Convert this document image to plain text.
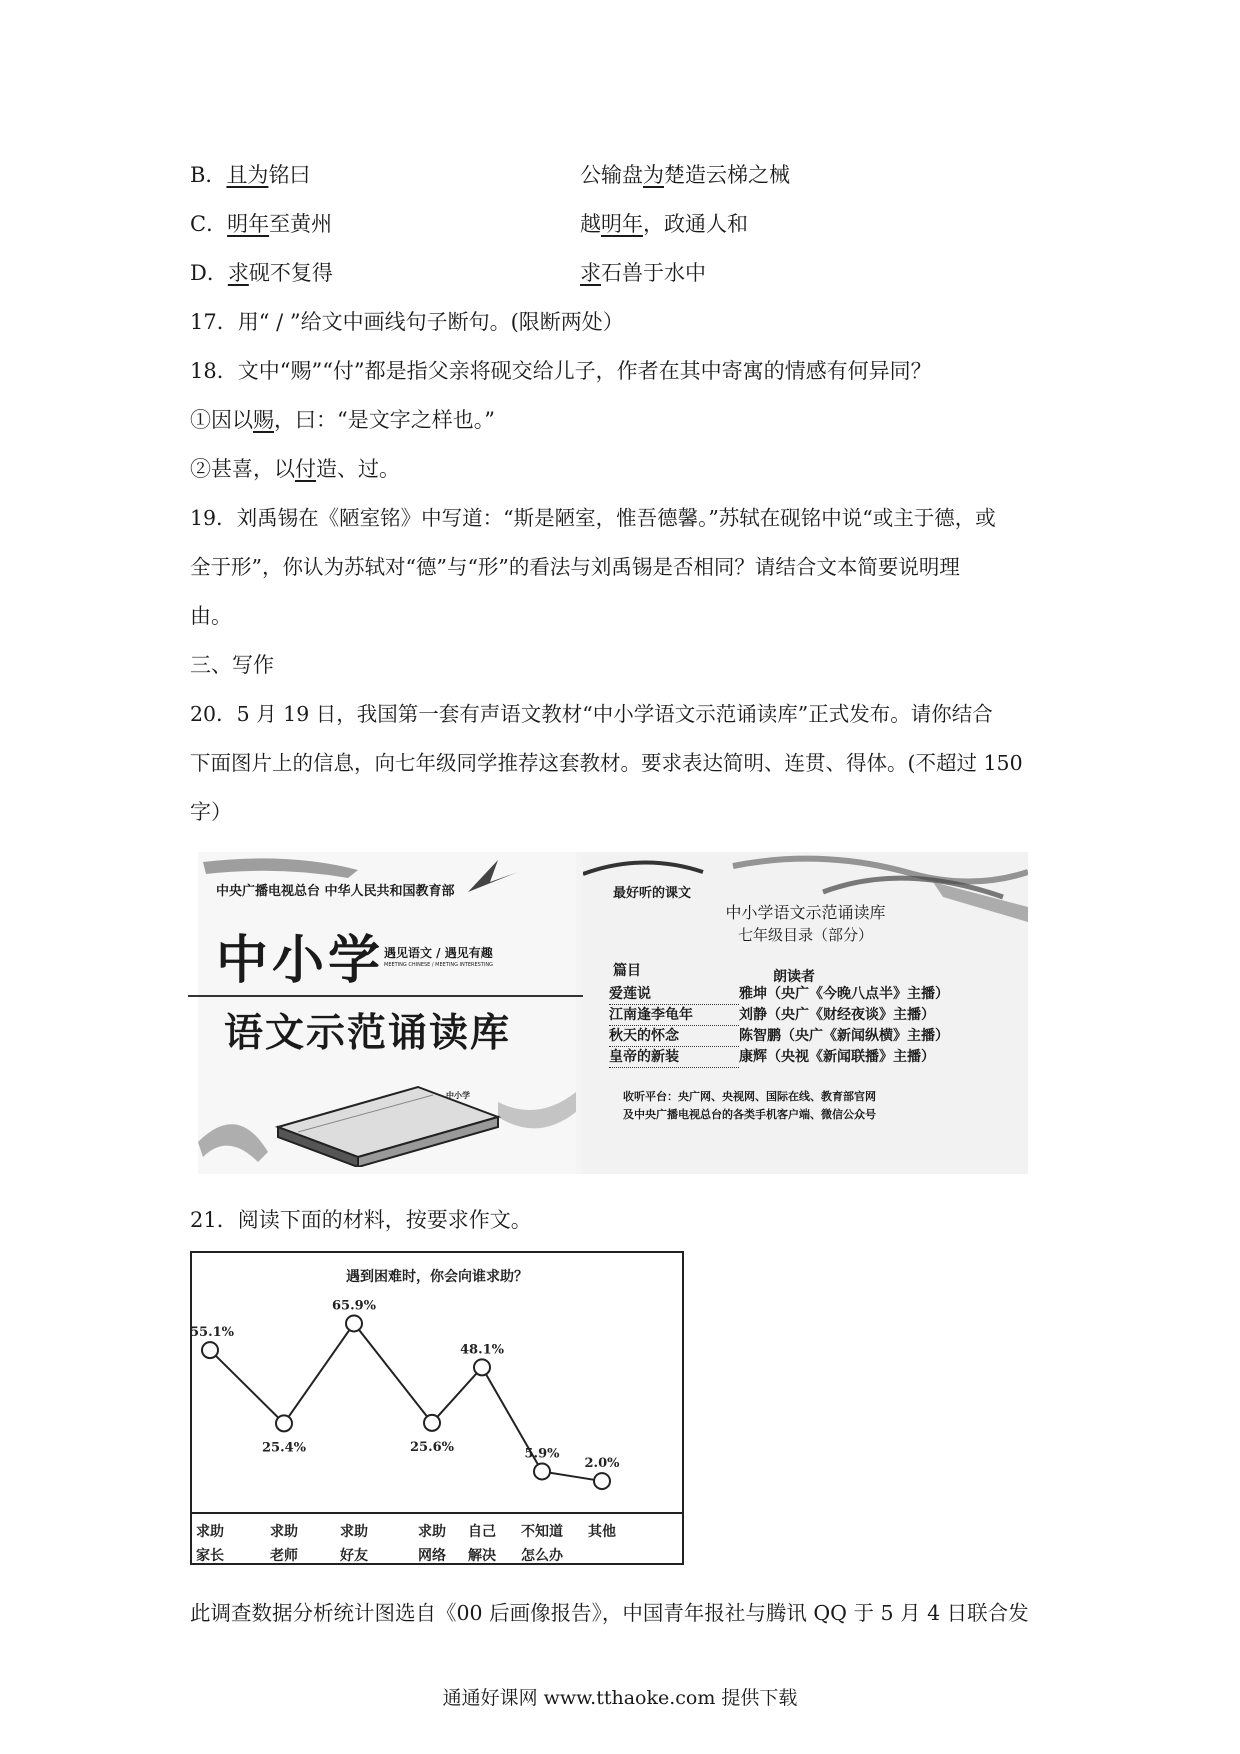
B．且为铭曰	公输盘为楚造云梯之械
C．明年至黄州	越明年，政通人和
D．求砚不复得	求石兽于水中
17．用“ / ”给文中画线句子断句。(限断两处）
18．文中“赐”“付”都是指父亲将砚交给儿子，作者在其中寄寓的情感有何异同？
①因以赐，曰：“是文字之样也。”
②甚喜，以付造、过。
19．刘禹锡在《陋室铭》中写道：“斯是陋室，惟吾德馨。”苏轼在砚铭中说“或主于德，或
全于形”，你认为苏轼对“德”与“形”的看法与刘禹锡是否相同？请结合文本简要说明理
由。
三、写作
20．5 月 19 日，我国第一套有声语文教材“中小学语文示范诵读库”正式发布。请你结合
下面图片上的信息，向七年级同学推荐这套教材。要求表达简明、连贯、得体。(不超过 150
字）
中央广播电视总台 中华人民共和国教育部
中小学 遇见语文 / 遇见有趣
MEETING CHINESE / MEETING INTERESTING
语文示范诵读库
中小学
最好听的课文
中小学语文示范诵读库
七年级目录（部分）
篇目	朗读者
爱莲说	雅坤（央广《今晚八点半》主播）
江南逢李龟年	刘静（央广《财经夜谈》主播）
秋天的怀念	陈智鹏（央广《新闻纵横》主播）
皇帝的新装	康辉（央视《新闻联播》主播）
收听平台：央广网、央视网、国际在线、教育部官网
及中央广播电视总台的各类手机客户端、微信公众号
21．阅读下面的材料，按要求作文。
遇到困难时，你会向谁求助？
55.1%
求助
家长
25.4%
求助
老师
65.9%
求助
好友
25.6%
求助
网络
48.1%
自己
解决
5.9%
不知道
怎么办
2.0%
其他
此调查数据分析统计图选自《00 后画像报告》，中国青年报社与腾讯 QQ 于 5 月 4 日联合发
通通好课网 www.tthaoke.com 提供下载
